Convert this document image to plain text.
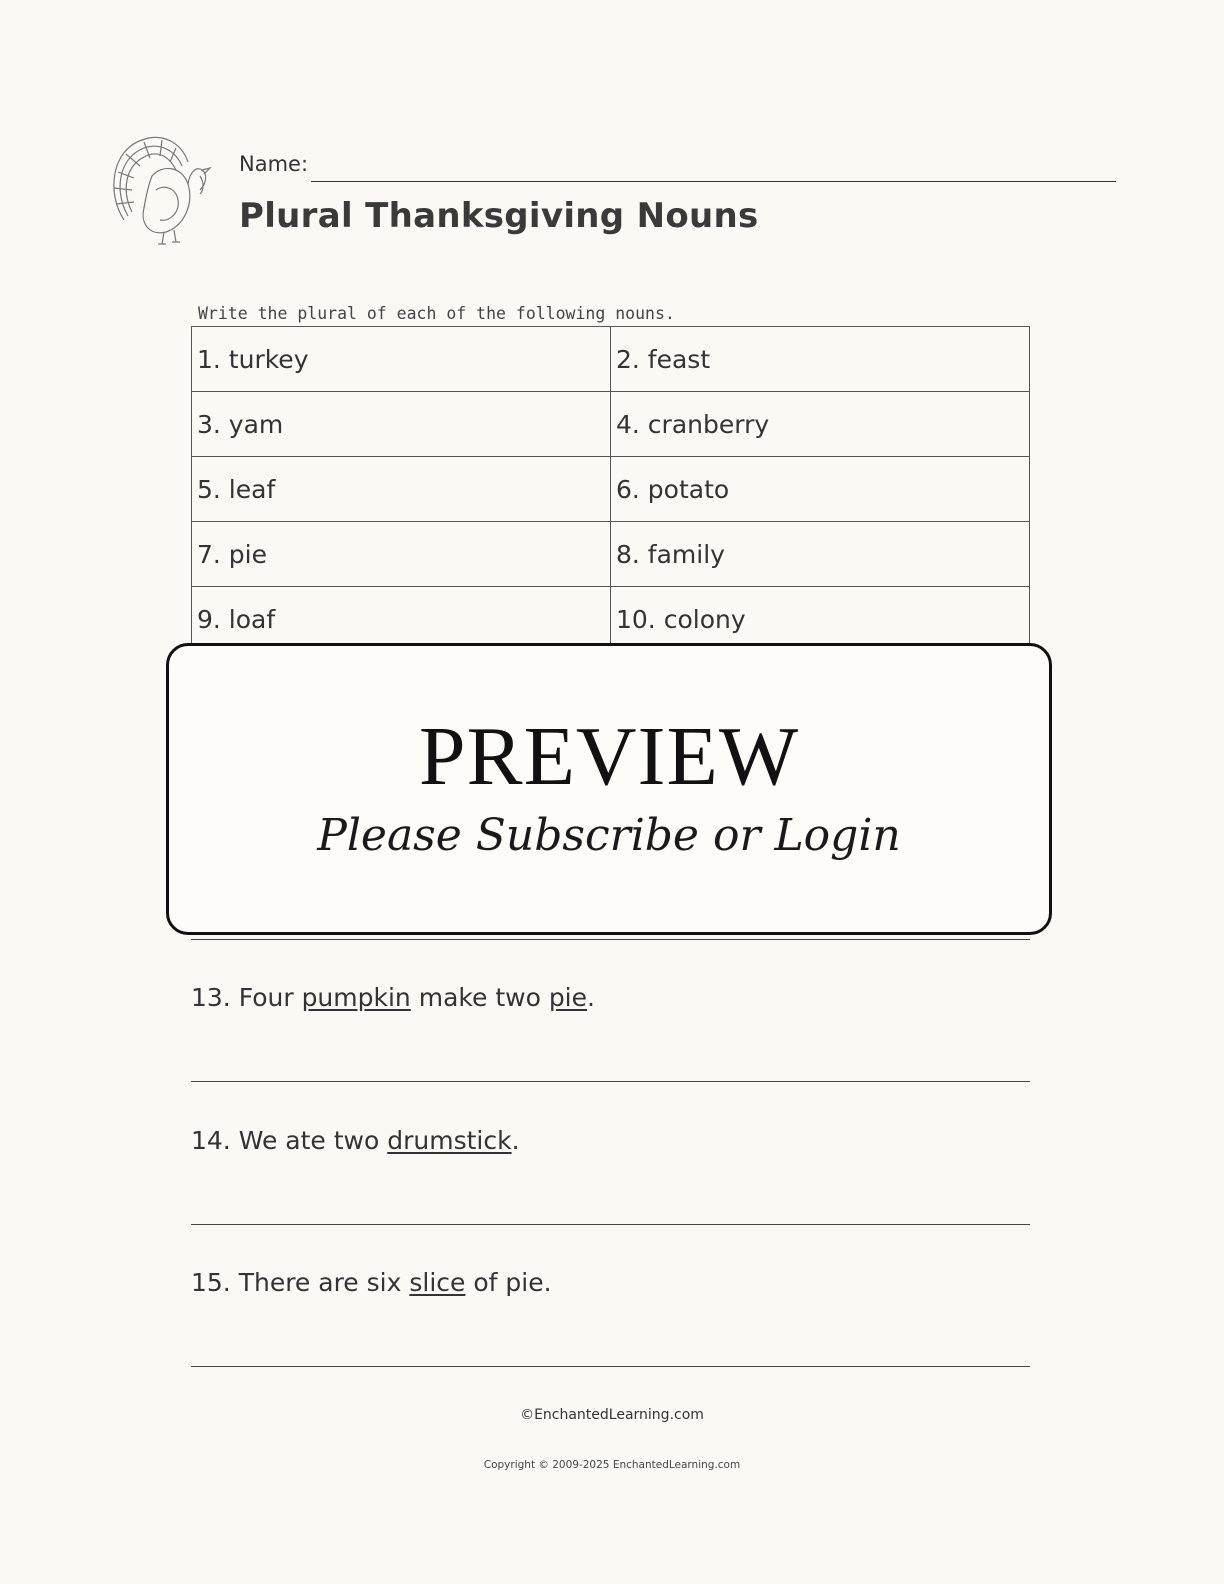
Name:
Plural Thanksgiving Nouns
Write the plural of each of the following nouns.
1. turkey	2. feast
3. yam	4. cranberry
5. leaf	6. potato
7. pie	8. family
9. loaf	10. colony
PREVIEW
Please Subscribe or Login
13. Four pumpkin make two pie.
14. We ate two drumstick.
15. There are six slice of pie.
©EnchantedLearning.com
Copyright © 2009-2025 EnchantedLearning.com
